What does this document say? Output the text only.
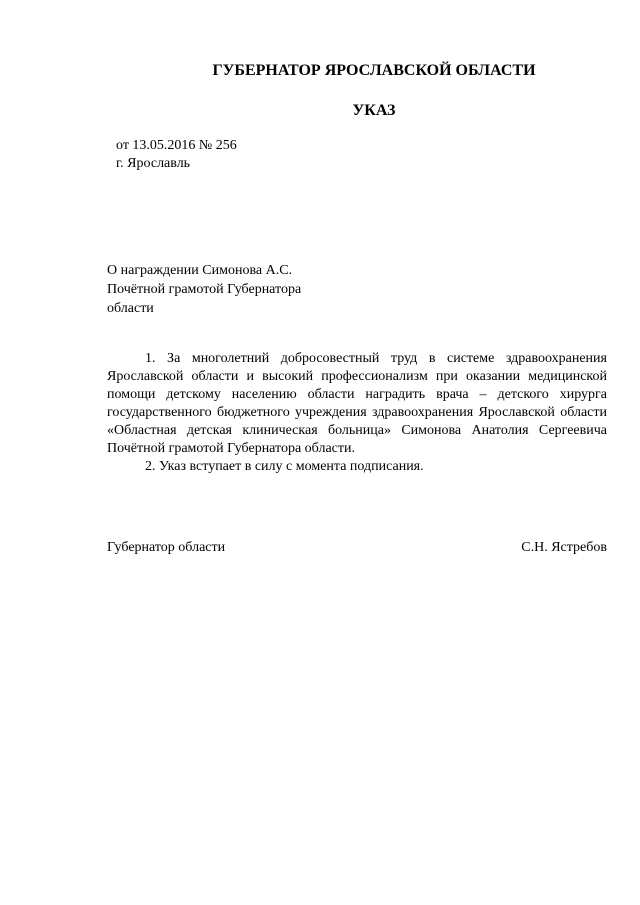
ГУБЕРНАТОР ЯРОСЛАВСКОЙ ОБЛАСТИ
УКАЗ
от 13.05.2016 № 256
г. Ярославль
О награждении Симонова А.С.
Почётной грамотой Губернатора
области

1. За многолетний добросовестный труд в системе здравоохранения Ярославской области и высокий профессионализм при оказании медицинской помощи детскому населению области наградить врача – детского хирурга государственного бюджетного учреждения здравоохранения Ярославской области «Областная детская клиническая больница» Симонова Анатолия Сергеевича Почётной грамотой Губернатора области.

2. Указ вступает в силу с момента подписания.

Губернатор области	С.Н. Ястребов
